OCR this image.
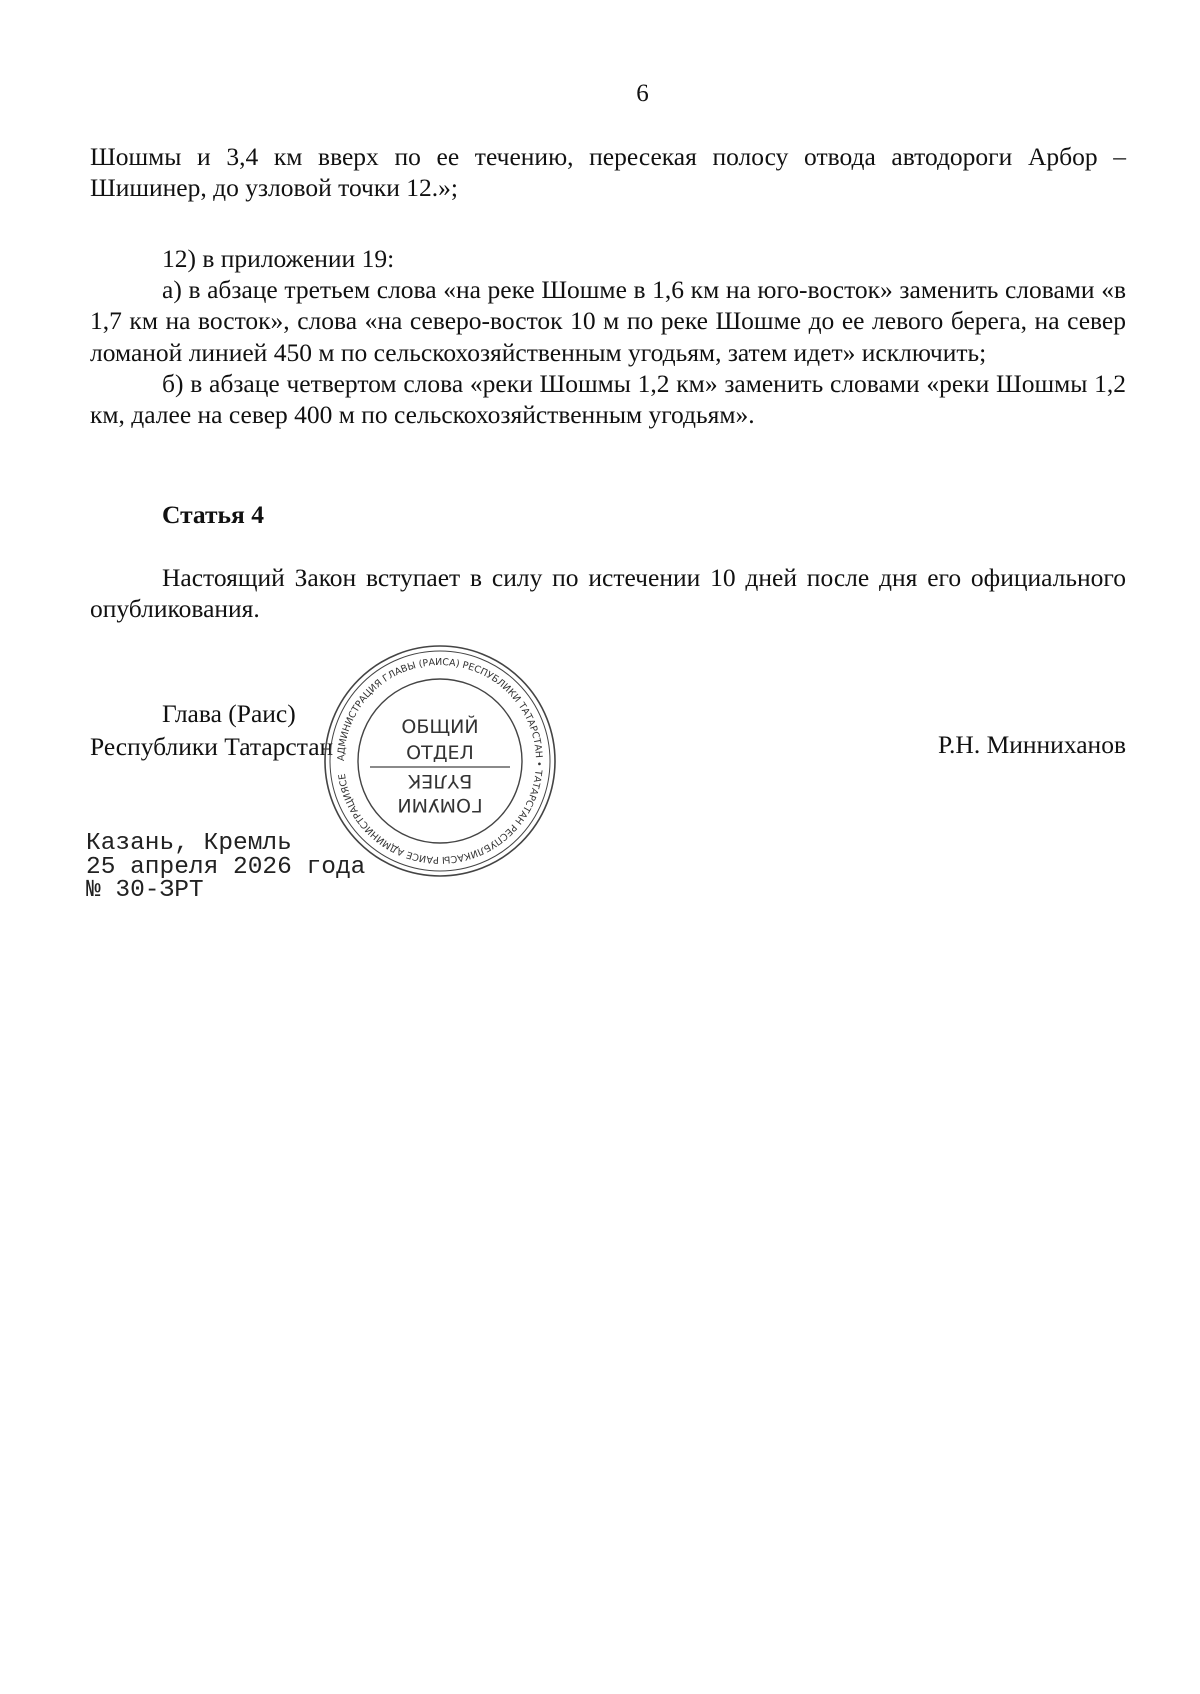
6

Шошмы и 3,4 км вверх по ее течению, пересекая полосу отвода автодороги Арбор – Шишинер, до узловой точки 12.»;

12) в приложении 19:

а) в абзаце третьем слова «на реке Шошме в 1,6 км на юго-восток» заменить словами «в 1,7 км на восток», слова «на северо-восток 10 м по реке Шошме до ее левого берега, на север ломаной линией 450 м по сельскохозяйственным угодьям, затем идет» исключить;

б) в абзаце четвертом слова «реки Шошмы 1,2 км» заменить словами «реки Шошмы 1,2 км, далее на север 400 м по сельскохозяйственным угодьям».

Статья 4

Настоящий Закон вступает в силу по истечении 10 дней после дня его официального опубликования.

Глава (Раис)
Республики Татарстан	Р.Н. Минниханов
АДМИНИСТРАЦИЯ ГЛАВЫ (РАИСА) РЕСПУБЛИКИ ТАТАРСТАН • ТАТАРСТАН РЕСПУБЛИКАСЫ РАИСЕ АДМИНИСТРАЦИЯСЕ
ОБЩИЙ
ОТДЕЛ
ГОМУМИ
БҮЛЕК
Казань, Кремль
25 апреля 2026 года
№ 30-ЗРТ
